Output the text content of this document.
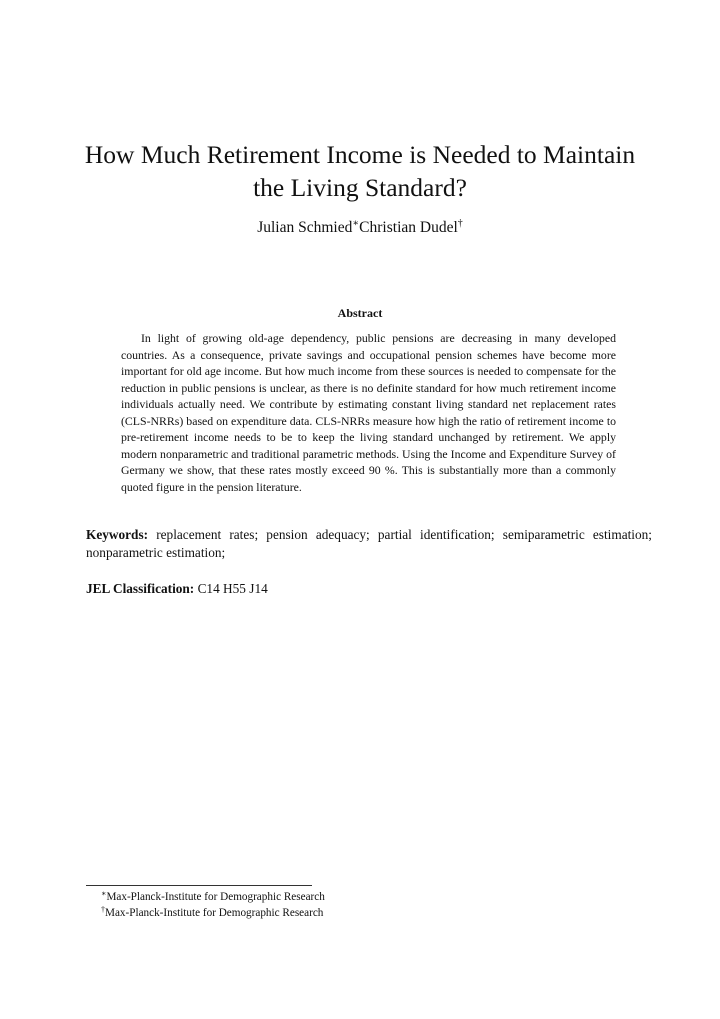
How Much Retirement Income is Needed to Maintain
the Living Standard?
Julian Schmied∗Christian Dudel†
Abstract

In light of growing old-age dependency, public pensions are decreasing in many developed countries. As a consequence, private savings and occupational pension schemes have become more important for old age income. But how much income from these sources is needed to compensate for the reduction in public pensions is unclear, as there is no definite standard for how much retirement income individuals actually need. We contribute by estimating constant living standard net replacement rates (CLS-NRRs) based on expenditure data. CLS-NRRs measure how high the ratio of retirement income to pre-retirement income needs to be to keep the living standard unchanged by retirement. We apply modern nonparametric and traditional parametric methods. Using the Income and Expenditure Survey of Germany we show, that these rates mostly exceed 90 %. This is substantially more than a commonly quoted figure in the pension literature.

Keywords: replacement rates; pension adequacy; partial identification; semiparametric estimation; nonparametric estimation;

JEL Classification: C14 H55 J14

∗Max-Planck-Institute for Demographic Research
†Max-Planck-Institute for Demographic Research
